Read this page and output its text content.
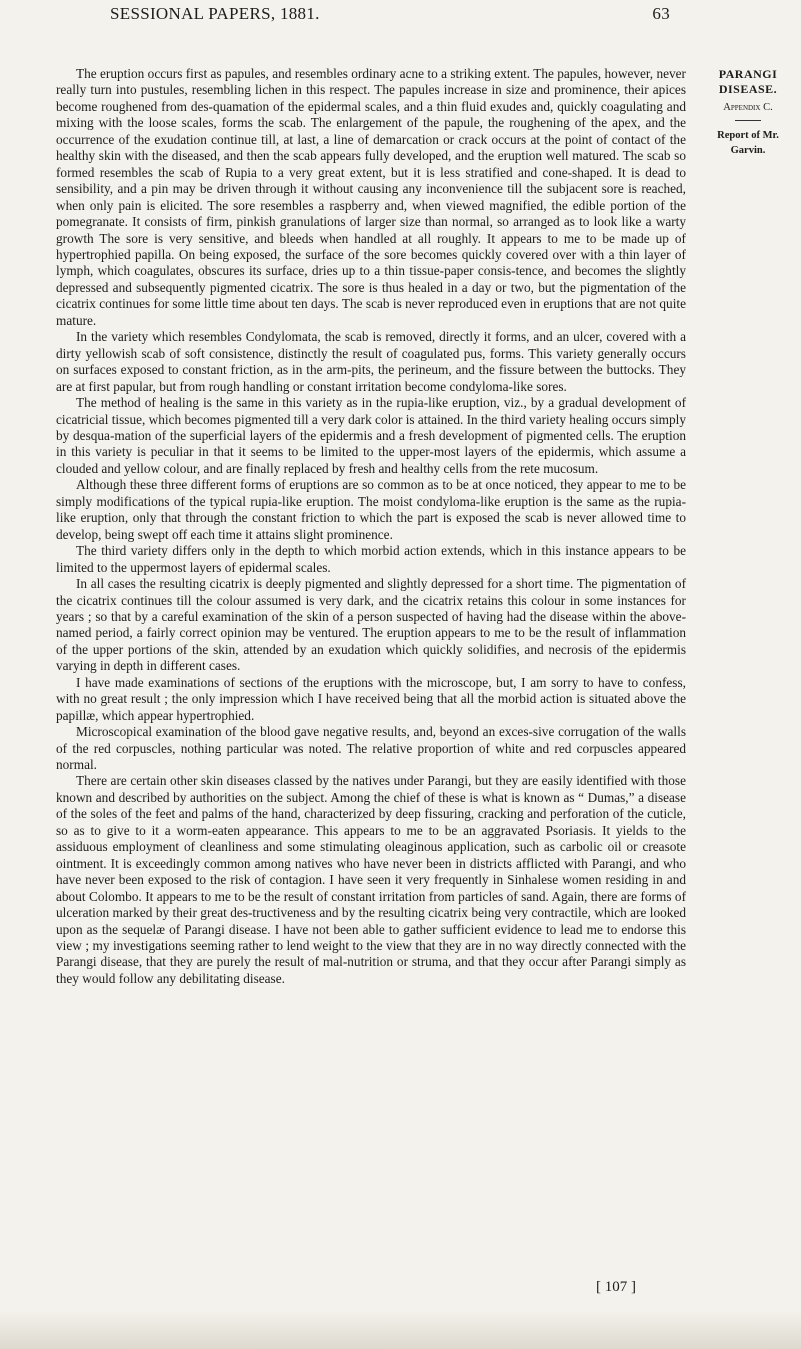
SESSIONAL PAPERS, 1881.	63
PARANGI DISEASE.
Appendix C.
Report of Mr. Garvin.

The eruption occurs first as papules, and resembles ordinary acne to a striking extent. The papules, however, never really turn into pustules, resembling lichen in this respect. The papules increase in size and prominence, their apices become roughened from des-quamation of the epidermal scales, and a thin fluid exudes and, quickly coagulating and mixing with the loose scales, forms the scab. The enlargement of the papule, the roughening of the apex, and the occurrence of the exudation continue till, at last, a line of demarcation or crack occurs at the point of contact of the healthy skin with the diseased, and then the scab appears fully developed, and the eruption well matured. The scab so formed resembles the scab of Rupia to a very great extent, but it is less stratified and cone-shaped. It is dead to sensibility, and a pin may be driven through it without causing any inconvenience till the subjacent sore is reached, when only pain is elicited. The sore resembles a raspberry and, when viewed magnified, the edible portion of the pomegranate. It consists of firm, pinkish granulations of larger size than normal, so arranged as to look like a warty growth The sore is very sensitive, and bleeds when handled at all roughly. It appears to me to be made up of hypertrophied papilla. On being exposed, the surface of the sore becomes quickly covered over with a thin layer of lymph, which coagulates, obscures its surface, dries up to a thin tissue-paper consis-tence, and becomes the slightly depressed and subsequently pigmented cicatrix. The sore is thus healed in a day or two, but the pigmentation of the cicatrix continues for some little time about ten days. The scab is never reproduced even in eruptions that are not quite mature.

In the variety which resembles Condylomata, the scab is removed, directly it forms, and an ulcer, covered with a dirty yellowish scab of soft consistence, distinctly the result of coagulated pus, forms. This variety generally occurs on surfaces exposed to constant friction, as in the arm-pits, the perineum, and the fissure between the buttocks. They are at first papular, but from rough handling or constant irritation become condyloma-like sores.

The method of healing is the same in this variety as in the rupia-like eruption, viz., by a gradual development of cicatricial tissue, which becomes pigmented till a very dark color is attained. In the third variety healing occurs simply by desqua-mation of the superficial layers of the epidermis and a fresh development of pigmented cells. The eruption in this variety is peculiar in that it seems to be limited to the upper-most layers of the epidermis, which assume a clouded and yellow colour, and are finally replaced by fresh and healthy cells from the rete mucosum.

Although these three different forms of eruptions are so common as to be at once noticed, they appear to me to be simply modifications of the typical rupia-like eruption. The moist condyloma-like eruption is the same as the rupia-like eruption, only that through the constant friction to which the part is exposed the scab is never allowed time to develop, being swept off each time it attains slight prominence.

The third variety differs only in the depth to which morbid action extends, which in this instance appears to be limited to the uppermost layers of epidermal scales.

In all cases the resulting cicatrix is deeply pigmented and slightly depressed for a short time. The pigmentation of the cicatrix continues till the colour assumed is very dark, and the cicatrix retains this colour in some instances for years ; so that by a careful examination of the skin of a person suspected of having had the disease within the above-named period, a fairly correct opinion may be ventured. The eruption appears to me to be the result of inflammation of the upper portions of the skin, attended by an exudation which quickly solidifies, and necrosis of the epidermis varying in depth in different cases.

I have made examinations of sections of the eruptions with the microscope, but, I am sorry to have to confess, with no great result ; the only impression which I have received being that all the morbid action is situated above the papillæ, which appear hypertrophied.

Microscopical examination of the blood gave negative results, and, beyond an exces-sive corrugation of the walls of the red corpuscles, nothing particular was noted. The relative proportion of white and red corpuscles appeared normal.

There are certain other skin diseases classed by the natives under Parangi, but they are easily identified with those known and described by authorities on the subject. Among the chief of these is what is known as “ Dumas,” a disease of the soles of the feet and palms of the hand, characterized by deep fissuring, cracking and perforation of the cuticle, so as to give to it a worm-eaten appearance. This appears to me to be an aggravated Psoriasis. It yields to the assiduous employment of cleanliness and some stimulating oleaginous application, such as carbolic oil or creasote ointment. It is exceedingly common among natives who have never been in districts afflicted with Parangi, and who have never been exposed to the risk of contagion. I have seen it very frequently in Sinhalese women residing in and about Colombo. It appears to me to be the result of constant irritation from particles of sand. Again, there are forms of ulceration marked by their great des-tructiveness and by the resulting cicatrix being very contractile, which are looked upon as the sequelæ of Parangi disease. I have not been able to gather sufficient evidence to lead me to endorse this view ; my investigations seeming rather to lend weight to the view that they are in no way directly connected with the Parangi disease, that they are purely the result of mal-nutrition or struma, and that they occur after Parangi simply as they would follow any debilitating disease.

[ 107 ]
